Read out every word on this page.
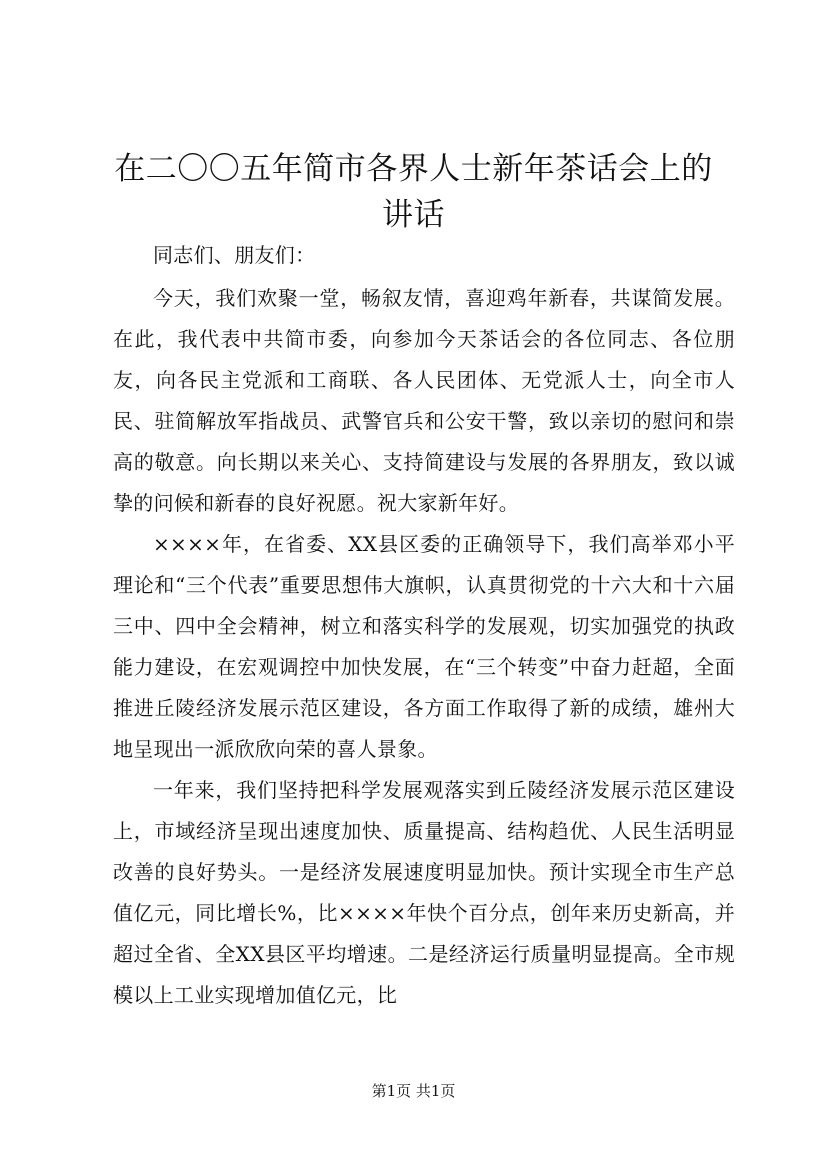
在二〇〇五年简市各界人士新年茶话会上的讲话

同志们、朋友们：

今天，我们欢聚一堂，畅叙友情，喜迎鸡年新春，共谋简发展。在此，我代表中共简市委，向参加今天茶话会的各位同志、各位朋友，向各民主党派和工商联、各人民团体、无党派人士，向全市人民、驻简解放军指战员、武警官兵和公安干警，致以亲切的慰问和崇高的敬意。向长期以来关心、支持简建设与发展的各界朋友，致以诚挚的问候和新春的良好祝愿。祝大家新年好。

××××年，在省委、XX县区委的正确领导下，我们高举邓小平理论和“三个代表”重要思想伟大旗帜，认真贯彻党的十六大和十六届三中、四中全会精神，树立和落实科学的发展观，切实加强党的执政能力建设，在宏观调控中加快发展，在“三个转变”中奋力赶超，全面推进丘陵经济发展示范区建设，各方面工作取得了新的成绩，雄州大地呈现出一派欣欣向荣的喜人景象。

一年来，我们坚持把科学发展观落实到丘陵经济发展示范区建设上，市域经济呈现出速度加快、质量提高、结构趋优、人民生活明显改善的良好势头。一是经济发展速度明显加快。预计实现全市生产总值亿元，同比增长%，比××××年快个百分点，创年来历史新高，并超过全省、全XX县区平均增速。二是经济运行质量明显提高。全市规模以上工业实现增加值亿元，比

第1页 共1页
